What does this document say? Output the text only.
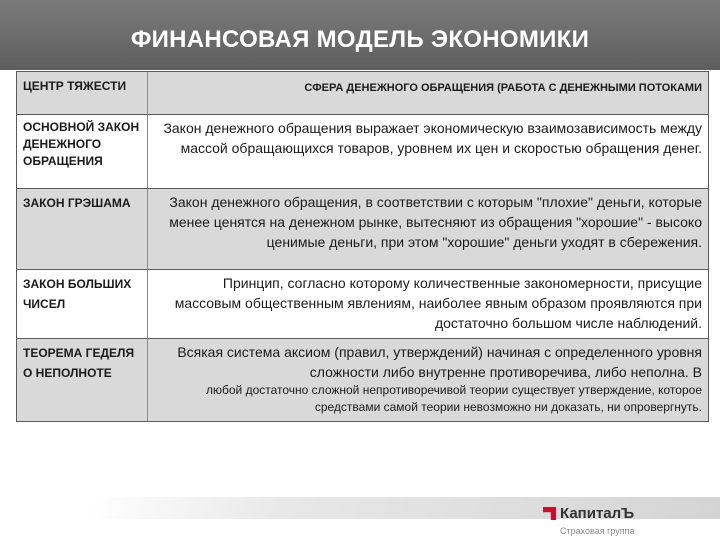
ФИНАНСОВАЯ МОДЕЛЬ ЭКОНОМИКИ
ЦЕНТР ТЯЖЕСТИ	СФЕРА ДЕНЕЖНОГО ОБРАЩЕНИЯ (РАБОТА С ДЕНЕЖНЫМИ ПОТОКАМИ
ОСНОВНОЙ ЗАКОН ДЕНЕЖНОГО ОБРАЩЕНИЯ
Закон денежного обращения выражает экономическую взаимозависимость между массой обращающихся товаров, уровнем их цен и скоростью обращения денег.
ЗАКОН ГРЭШАМА	Закон денежного обращения, в соответствии с которым "плохие" деньги, которые менее ценятся на денежном рынке, вытесняют из обращения "хорошие" - высоко ценимые деньги, при этом "хорошие" деньги уходят в сбережения.
ЗАКОН БОЛЬШИХ ЧИСЕЛ
Принцип, согласно которому количественные закономерности, присущие массовым общественным явлениям, наиболее явным образом проявляются при достаточно большом числе наблюдений.
ТЕОРЕМА ГЕДЕЛЯ О НЕПОЛНОТЕ
Всякая система аксиом (правил, утверждений) начиная с определенного уровня сложности либо внутренне противоречива, либо неполна. В
любой достаточно сложной непротиворечивой теории существует утверждение, которое средствами самой теории невозможно ни доказать, ни опровергнуть.
КапиталЪ
Страховая группа
